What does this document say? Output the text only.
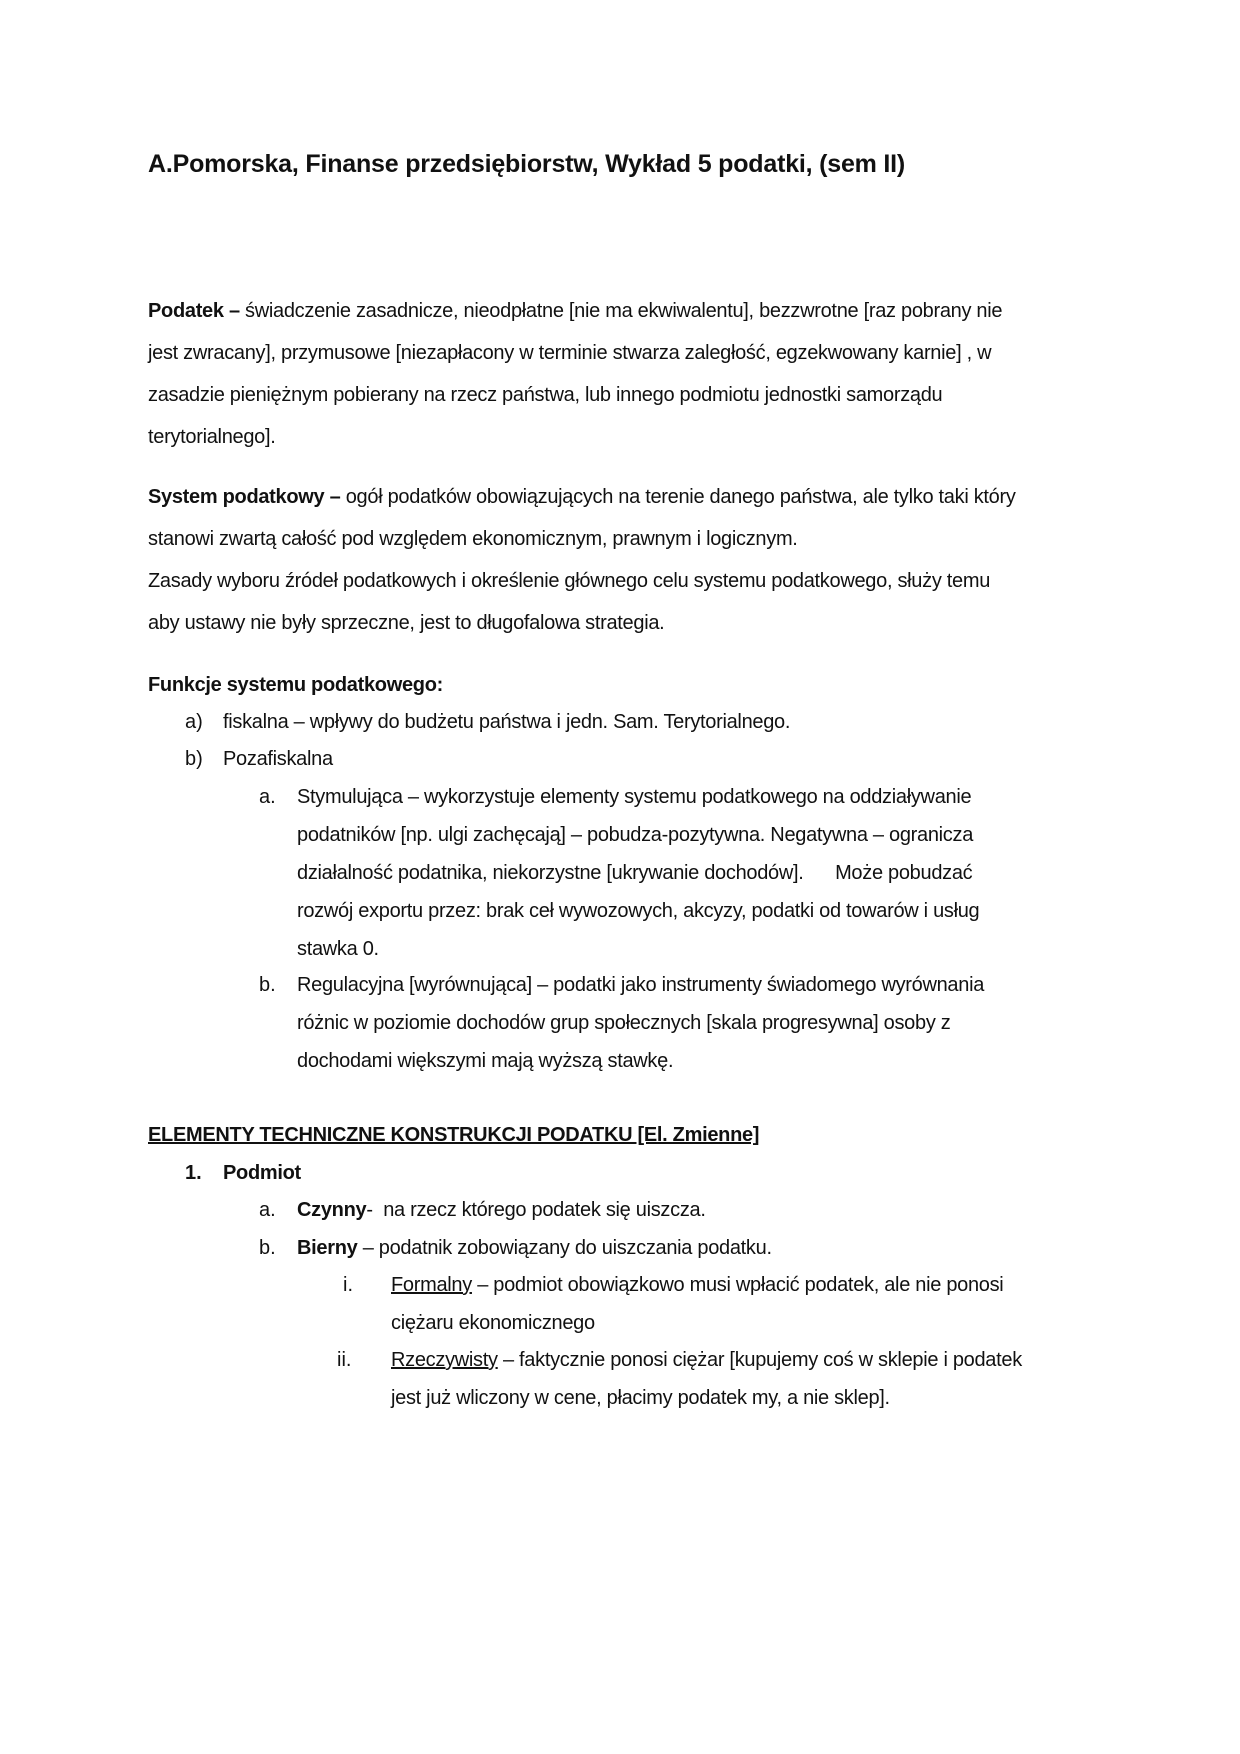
A.Pomorska, Finanse przedsiębiorstw, Wykład 5 podatki, (sem II)
Podatek – świadczenie zasadnicze, nieodpłatne [nie ma ekwiwalentu], bezzwrotne [raz pobrany nie
jest zwracany], przymusowe [niezapłacony w terminie stwarza zaległość, egzekwowany karnie] , w
zasadzie pieniężnym pobierany na rzecz państwa, lub innego podmiotu jednostki samorządu
terytorialnego].
System podatkowy – ogół podatków obowiązujących na terenie danego państwa, ale tylko taki który
stanowi zwartą całość pod względem ekonomicznym, prawnym i logicznym.
Zasady wyboru źródeł podatkowych i określenie głównego celu systemu podatkowego, służy temu
aby ustawy nie były sprzeczne, jest to długofalowa strategia.
Funkcje systemu podatkowego:
a) fiskalna – wpływy do budżetu państwa i jedn. Sam. Terytorialnego.
b) Pozafiskalna
a. Stymulująca – wykorzystuje elementy systemu podatkowego na oddziaływanie
podatników [np. ulgi zachęcają] – pobudza-pozytywna. Negatywna – ogranicza
działalność podatnika, niekorzystne [ukrywanie dochodów].      Może pobudzać
rozwój exportu przez: brak ceł wywozowych, akcyzy, podatki od towarów i usług
stawka 0.
b. Regulacyjna [wyrównująca] – podatki jako instrumenty świadomego wyrównania
różnic w poziomie dochodów grup społecznych [skala progresywna] osoby z
dochodami większymi mają wyższą stawkę.
ELEMENTY TECHNICZNE KONSTRUKCJI PODATKU [El. Zmienne]
1. Podmiot
a. Czynny-  na rzecz którego podatek się uiszcza.
b. Bierny – podatnik zobowiązany do uiszczania podatku.
i. Formalny – podmiot obowiązkowo musi wpłacić podatek, ale nie ponosi
ciężaru ekonomicznego
ii. Rzeczywisty – faktycznie ponosi ciężar [kupujemy coś w sklepie i podatek
jest już wliczony w cene, płacimy podatek my, a nie sklep].
